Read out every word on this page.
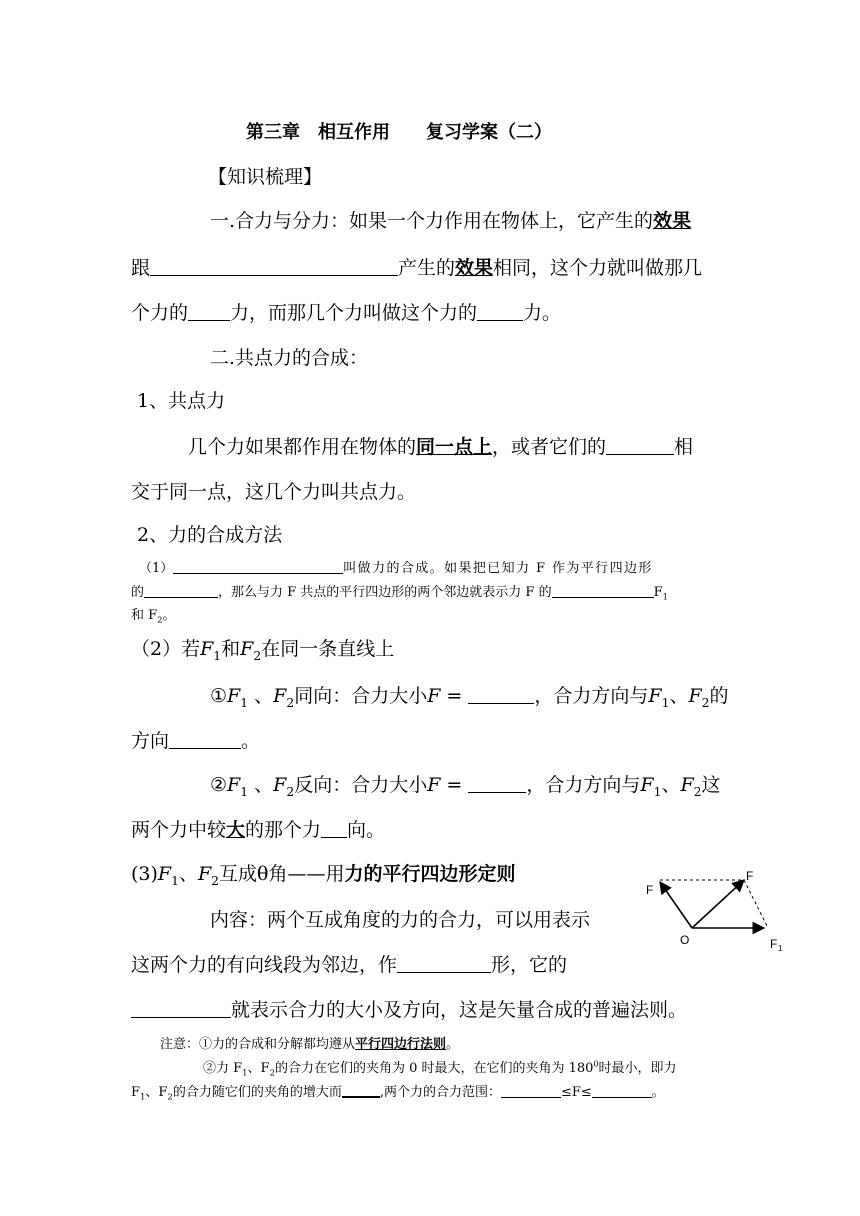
第三章　相互作用　　复习学案（二）
【知识梳理】
一.合力与分力：如果一个力作用在物体上，它产生的效果
跟	产生的效果相同，这个力就叫做那几
个力的 力，而那几个力叫做这个力的 力。
二.共点力的合成：
1、共点力
几个力如果都作用在物体的同一点上，或者它们的	相
交于同一点，这几个力叫共点力。
2、力的合成方法
（1）	叫做力的合成。如果把已知力 F 作为平行四边形
的	，那么与力 F 共点的平行四边形的两个邻边就表示力 F 的	$F_1$
和 $F_2$。
（2）若$F_1$和$F_2$在同一条直线上
$①F_1$ 、$F_2$同向：合力大小F =	，合力方向与$F_1$、$F_2$的
方向	。
$②F_1$ 、$F_2$反向：合力大小F =	，合力方向与$F_1$、$F_2$这
两个力中较大的那个力 向。
$(3)F_1$、$F_2$互成θ角——用力的平行四边形定则
内容：两个互成角度的力的合力，可以用表示
这两个力的有向线段为邻边，作	形，它的
就表示合力的大小及方向，这是矢量合成的普遍法则。
F
F
O	F 1
注意：①力的合成和分解都均遵从平行四边行法则。
②力 $F_1$、$F_2$的合力在它们的夹角为 0 时最大，在它们的夹角为 $180^0$时最小，即力
$F_1$、$F_2$的合力随它们的夹角的增大而	,两个力的合力范围：	≤F≤	。
